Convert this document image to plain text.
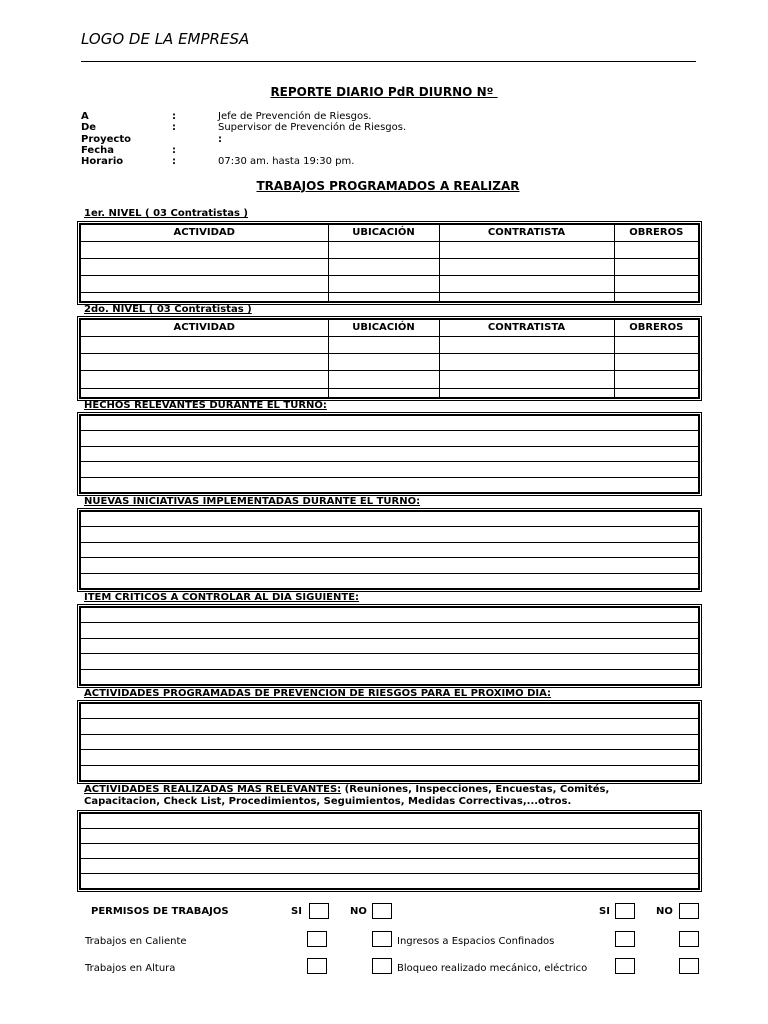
LOGO DE LA EMPRESA
REPORTE DIARIO PdR DIURNO Nº
A	:	Jefe de Prevención de Riesgos.
De	:	Supervisor de Prevención de Riesgos.
Proyecto	:
Fecha	:
Horario	:	07:30 am. hasta 19:30 pm.
TRABAJOS PROGRAMADOS A REALIZAR
1er. NIVEL ( 03 Contratistas )
ACTIVIDAD	UBICACIÓN	CONTRATISTA	OBREROS

2do. NIVEL ( 03 Contratistas )
ACTIVIDAD	UBICACIÓN	CONTRATISTA	OBREROS

HECHOS RELEVANTES DURANTE EL TURNO:
NUEVAS INICIATIVAS IMPLEMENTADAS DURANTE EL TURNO:
ITEM CRITICOS A CONTROLAR AL DIA SIGUIENTE:
ACTIVIDADES PROGRAMADAS DE PREVENCION DE RIESGOS PARA EL PROXIMO DIA:
ACTIVIDADES REALIZADAS MAS RELEVANTES: (Reuniones, Inspecciones, Encuestas, Comités,
Capacitacion, Check List, Procedimientos, Seguimientos, Medidas Correctivas,...otros.
PERMISOS DE TRABAJOS	SI	NO	SI	NO
Trabajos en Caliente	Ingresos a Espacios Confinados
Trabajos en Altura	Bloqueo realizado mecánico, eléctrico
